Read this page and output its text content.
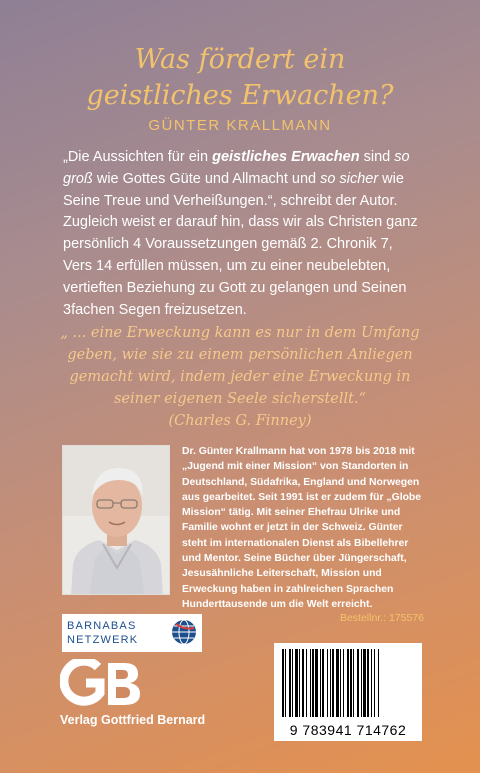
Was fördert ein
geistliches Erwachen?
GÜNTER KRALLMANN
„Die Aussichten für ein geistliches Erwachen sind so groß wie Gottes Güte und Allmacht und so sicher wie Seine Treue und Verheißungen.“, schreibt der Autor. Zugleich weist er darauf hin, dass wir als Christen ganz persönlich 4 Voraussetzungen gemäß 2. Chronik 7, Vers 14 erfüllen müssen, um zu einer neubelebten, vertieften Beziehung zu Gott zu gelangen und Seinen 3fachen Segen freizusetzen.
„ ... eine Erweckung kann es nur in dem Umfang geben, wie sie zu einem persönlichen Anliegen gemacht wird, indem jeder eine Erweckung in seiner eigenen Seele sicherstellt.“
(Charles G. Finney)
Dr. Günter Krallmann hat von 1978 bis 2018 mit „Jugend mit einer Mission“ von Standorten in Deutschland, Südafrika, England und Norwegen aus gearbeitet. Seit 1991 ist er zudem für „Globe Mission“ tätig. Mit seiner Ehefrau Ulrike und Familie wohnt er jetzt in der Schweiz. Günter steht im internationalen Dienst als Bibellehrer und Mentor. Seine Bücher über Jüngerschaft, Jesusähnliche Leiterschaft, Mission und Erweckung haben in zahlreichen Sprachen Hunderttausende um die Welt erreicht.
Bestellnr.: 175576
BARNABAS
NETZWERK
Verlag Gottfried Bernard
9 783941 714762
